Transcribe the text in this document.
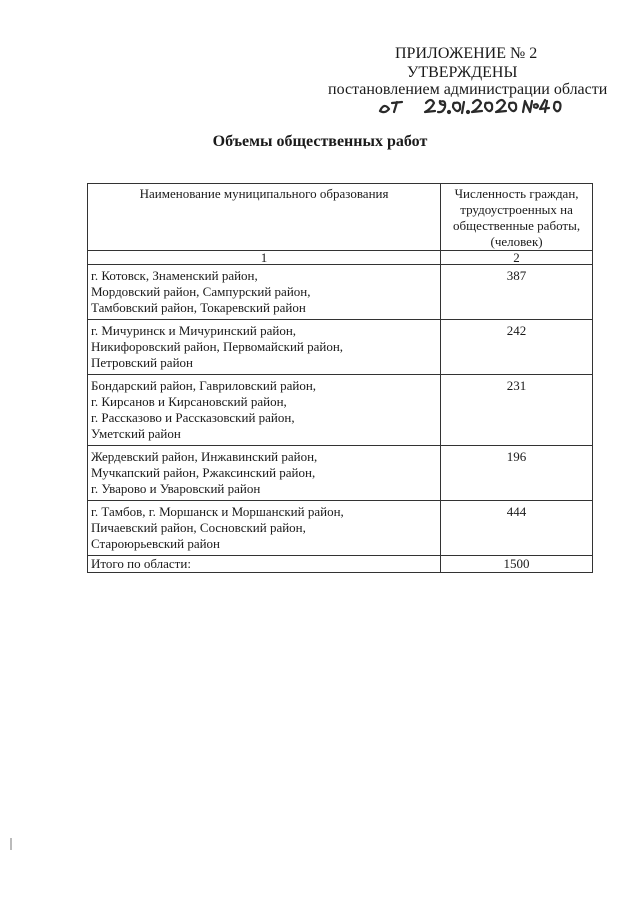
ПРИЛОЖЕНИЕ № 2
УТВЕРЖДЕНЫ
постановлением администрации области
Объемы общественных работ
Наименование муниципального образования	Численность граждан, трудоустроенных на общественные работы, (человек)
1	2

г. Котовск, Знаменский район,
Мордовский район, Сампурский район,
Тамбовский район, Токаревский район	387

г. Мичуринск и Мичуринский район,
Никифоровский район, Первомайский район,
Петровский район	242

Бондарский район, Гавриловский район,
г. Кирсанов и Кирсановский район,
г. Рассказово и Рассказовский район,
Уметский район	231

Жердевский район, Инжавинский район,
Мучкапский район, Ржаксинский район,
г. Уварово и Уваровский район	196

г. Тамбов, г. Моршанск и Моршанский район,
Пичаевский район, Сосновский район,
Староюрьевский район	444
Итого по области:	1500
